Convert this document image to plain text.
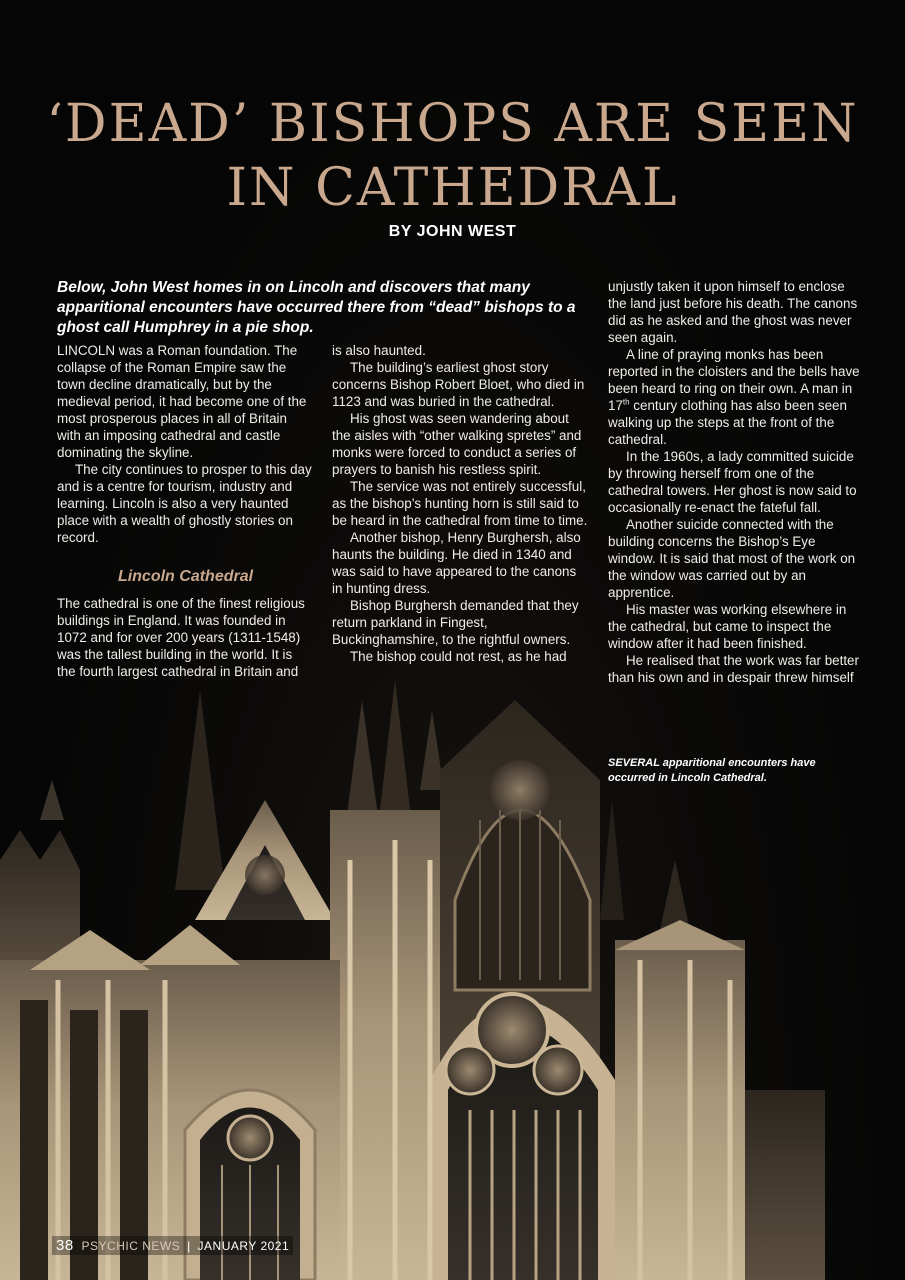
‘DEAD’ BISHOPS ARE SEEN
IN CATHEDRAL
BY JOHN WEST

Below, John West homes in on Lincoln and discovers that many apparitional encounters have occurred there from “dead” bishops to a ghost call Humphrey in a pie shop.

LINCOLN was a Roman foundation. The collapse of the Roman Empire saw the town decline dramatically, but by the medieval period, it had become one of the most prosperous places in all of Britain with an imposing cathedral and castle dominating the skyline.

The city continues to prosper to this day and is a centre for tourism, industry and learning. Lincoln is also a very haunted place with a wealth of ghostly stories on record.

Lincoln Cathedral

The cathedral is one of the finest religious buildings in England. It was founded in 1072 and for over 200 years (1311-1548) was the tallest building in the world. It is the fourth largest cathedral in Britain and

is also haunted.

The building’s earliest ghost story concerns Bishop Robert Bloet, who died in 1123 and was buried in the cathedral.

His ghost was seen wandering about the aisles with “other walking spretes” and monks were forced to conduct a series of prayers to banish his restless spirit.

The service was not entirely successful, as the bishop’s hunting horn is still said to be heard in the cathedral from time to time.

Another bishop, Henry Burghersh, also haunts the building. He died in 1340 and was said to have appeared to the canons in hunting dress.

Bishop Burghersh demanded that they return parkland in Fingest, Buckinghamshire, to the rightful owners.

The bishop could not rest, as he had

unjustly taken it upon himself to enclose the land just before his death. The canons did as he asked and the ghost was never seen again.

A line of praying monks has been reported in the cloisters and the bells have been heard to ring on their own. A man in 17th century clothing has also been seen walking up the steps at the front of the cathedral.

In the 1960s, a lady committed suicide by throwing herself from one of the cathedral towers. Her ghost is now said to occasionally re-enact the fateful fall.

Another suicide connected with the building concerns the Bishop’s Eye window. It is said that most of the work on the window was carried out by an apprentice.

His master was working elsewhere in the cathedral, but came to inspect the window after it had been finished.

He realised that the work was far better than his own and in despair threw himself

SEVERAL apparitional encounters have occurred in Lincoln Cathedral.
38 PSYCHIC NEWS | JANUARY 2021
